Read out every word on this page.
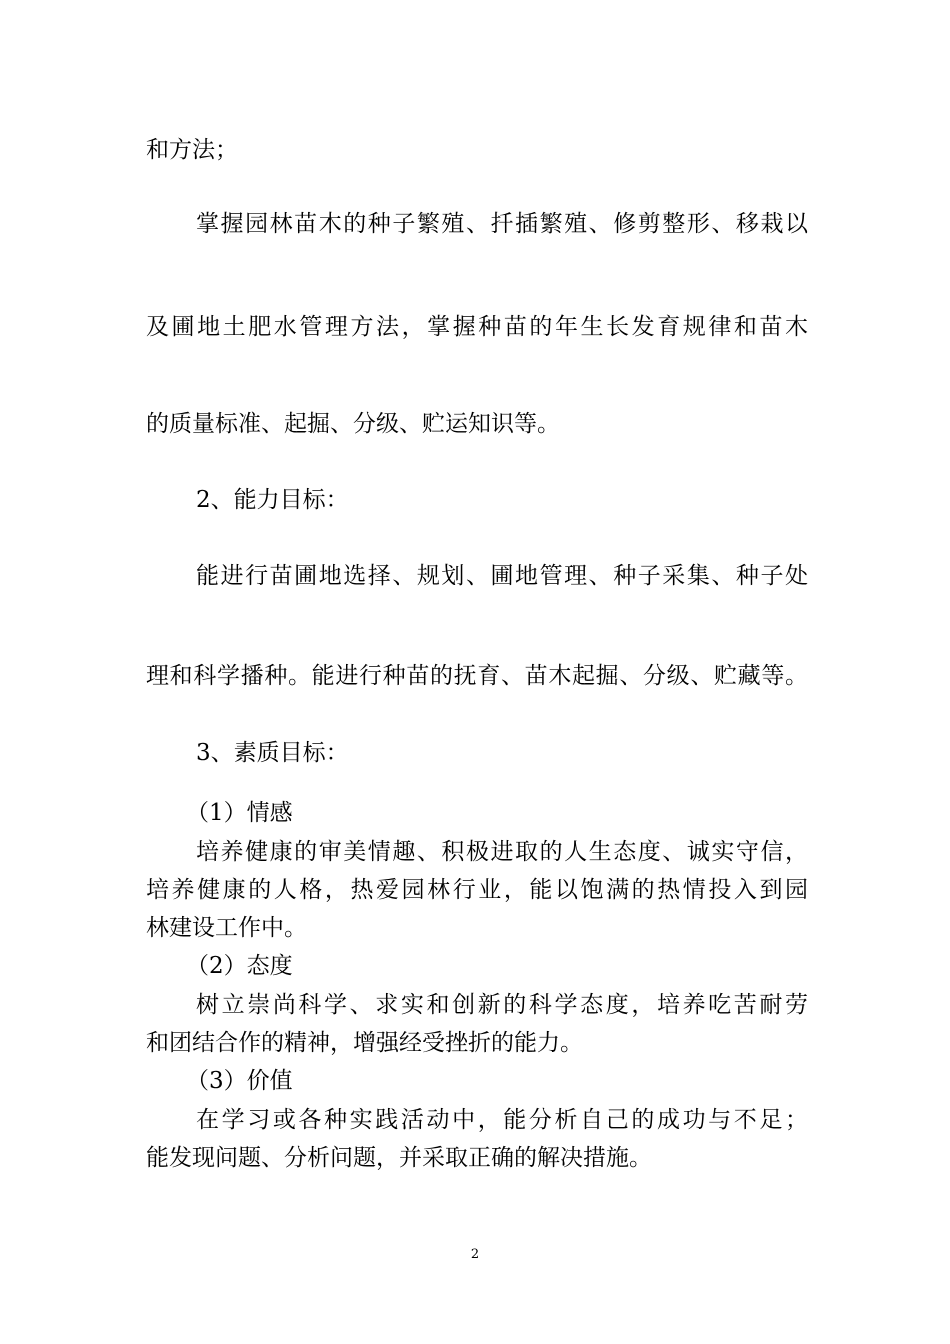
和方法；
掌握园林苗木的种子繁殖、扦插繁殖、修剪整形、移栽以
及圃地土肥水管理方法，掌握种苗的年生长发育规律和苗木
的质量标准、起掘、分级、贮运知识等。
2、能力目标：
能进行苗圃地选择、规划、圃地管理、种子采集、种子处
理和科学播种。能进行种苗的抚育、苗木起掘、分级、贮藏等。
3、素质目标：
（1）情感
培养健康的审美情趣、积极进取的人生态度、诚实守信，
培养健康的人格，热爱园林行业，能以饱满的热情投入到园
林建设工作中。
（2）态度
树立崇尚科学、求实和创新的科学态度，培养吃苦耐劳
和团结合作的精神，增强经受挫折的能力。
（3）价值
在学习或各种实践活动中，能分析自己的成功与不足；
能发现问题、分析问题，并采取正确的解决措施。
2
